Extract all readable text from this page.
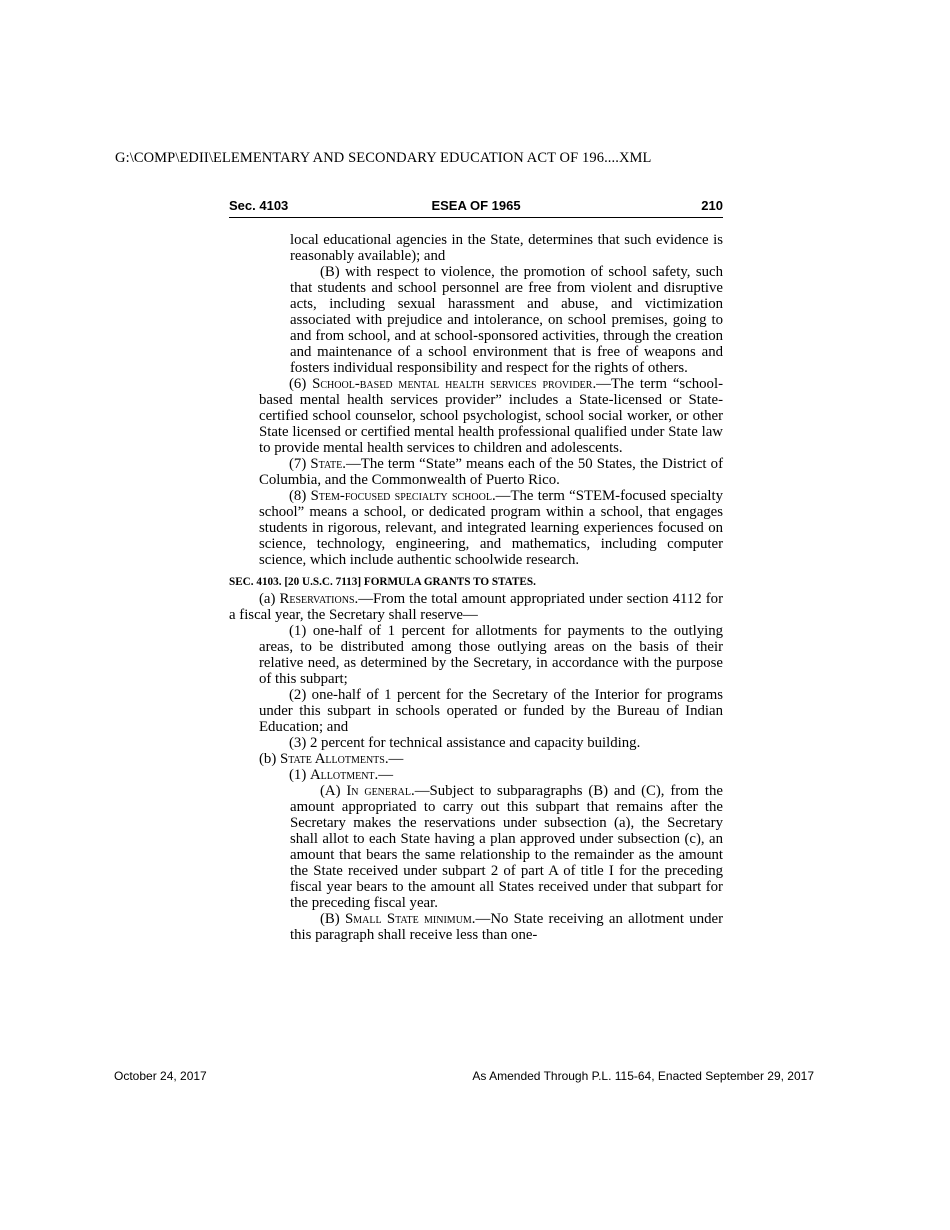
G:\COMP\EDII\ELEMENTARY AND SECONDARY EDUCATION ACT OF 196....XML
Sec. 4103	ESEA OF 1965	210

local educational agencies in the State, determines that such evidence is reasonably available); and

(B) with respect to violence, the promotion of school safety, such that students and school personnel are free from violent and disruptive acts, including sexual harassment and abuse, and victimization associated with prejudice and intolerance, on school premises, going to and from school, and at school-sponsored activities, through the creation and maintenance of a school environment that is free of weapons and fosters individual responsibility and respect for the rights of others.

(6) School-based mental health services provider.—The term “school-based mental health services provider” includes a State-licensed or State-certified school counselor, school psychologist, school social worker, or other State licensed or certified mental health professional qualified under State law to provide mental health services to children and adolescents.

(7) State.—The term “State” means each of the 50 States, the District of Columbia, and the Commonwealth of Puerto Rico.

(8) Stem-focused specialty school.—The term “STEM-focused specialty school” means a school, or dedicated program within a school, that engages students in rigorous, relevant, and integrated learning experiences focused on science, technology, engineering, and mathematics, including computer science, which include authentic schoolwide research.

SEC. 4103. [20 U.S.C. 7113] FORMULA GRANTS TO STATES.

(a) Reservations.—From the total amount appropriated under section 4112 for a fiscal year, the Secretary shall reserve—

(1) one-half of 1 percent for allotments for payments to the outlying areas, to be distributed among those outlying areas on the basis of their relative need, as determined by the Secretary, in accordance with the purpose of this subpart;

(2) one-half of 1 percent for the Secretary of the Interior for programs under this subpart in schools operated or funded by the Bureau of Indian Education; and

(3) 2 percent for technical assistance and capacity building.

(b) State Allotments.—

(1) Allotment.—

(A) In general.—Subject to subparagraphs (B) and (C), from the amount appropriated to carry out this subpart that remains after the Secretary makes the reservations under subsection (a), the Secretary shall allot to each State having a plan approved under subsection (c), an amount that bears the same relationship to the remainder as the amount the State received under subpart 2 of part A of title I for the preceding fiscal year bears to the amount all States received under that subpart for the preceding fiscal year.

(B) Small State minimum.—No State receiving an allotment under this paragraph shall receive less than one-

October 24, 2017	As Amended Through P.L. 115-64, Enacted September 29, 2017
